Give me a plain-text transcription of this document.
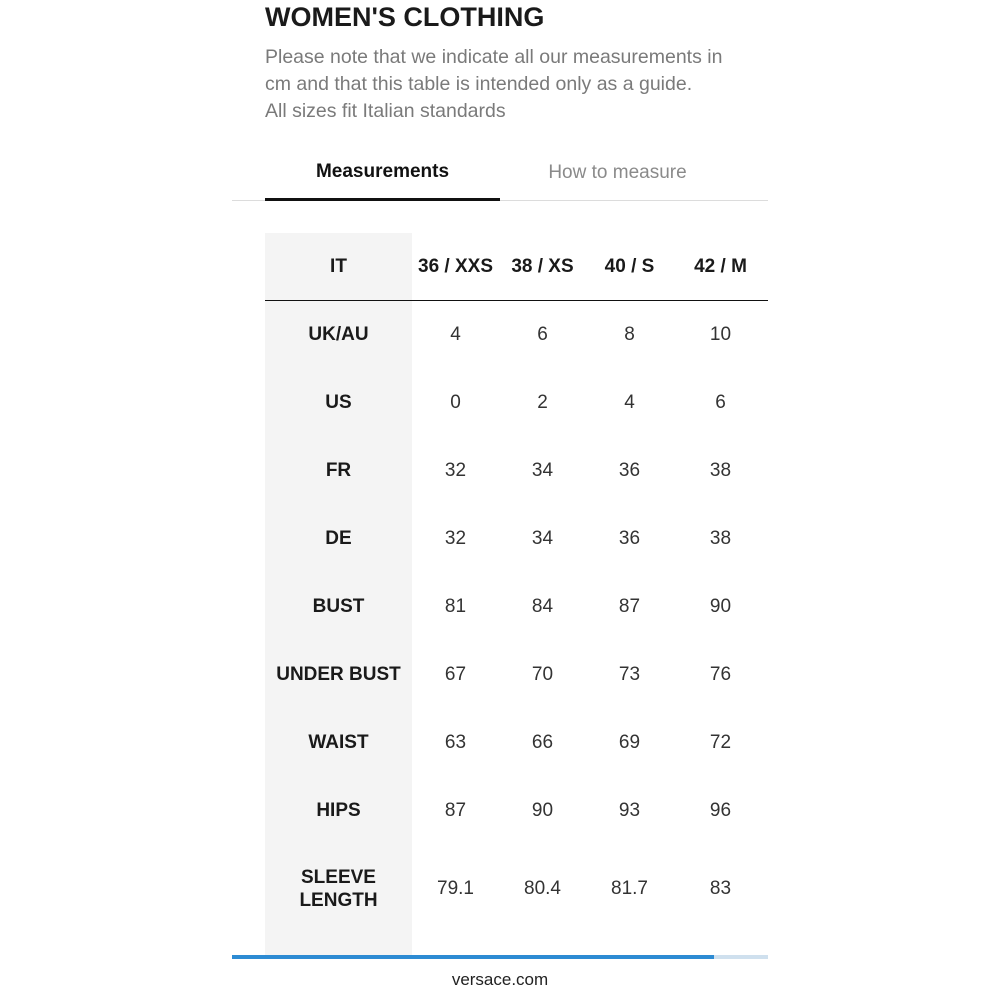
WOMEN'S CLOTHING
Please note that we indicate all our measurements in
cm and that this table is intended only as a guide.
All sizes fit Italian standards
Measurements	How to measure
IT	36 / XXS	38 / XS	40 / S	42 / M
UK/AU	4	6	8	10
US	0	2	4	6
FR	32	34	36	38
DE	32	34	36	38
BUST	81	84	87	90
UNDER BUST	67	70	73	76
WAIST	63	66	69	72
HIPS	87	90	93	96

SLEEVE
LENGTH	79.1	80.4	81.7	83
versace.com
